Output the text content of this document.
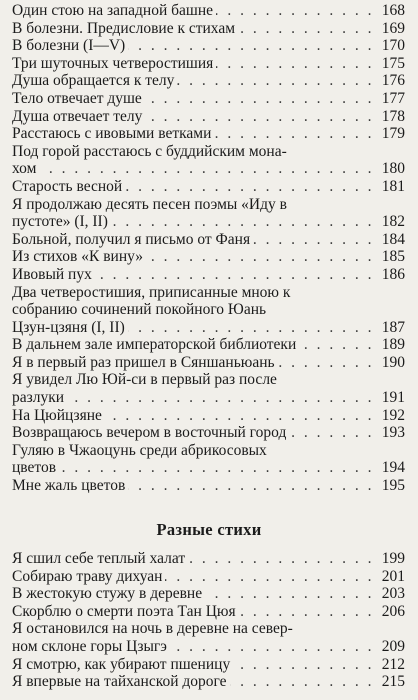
Один стою на западной башне . . .	168
В болезни. Предисловие к стихам . . .	169
В болезни (I—V) . . .	170
Три шуточных четверостишия . . .	175
Душа обращается к телу . . .	176
Тело отвечает душе . . .	177
Душа отвечает телу . . .	178
Расстаюсь с ивовыми ветками . . .	179
Под горой расстаюсь с буддийским мона-
хом . . .	180
Старость весной . . .	181
Я продолжаю десять песен поэмы «Иду в
пустоте» (I, II) . . .	182
Больной, получил я письмо от Фаня . . .	184
Из стихов «К вину» . . .	185
Ивовый пух . . .	186
Два четверостишия, приписанные мною к
собранию сочинений покойного Юань
Цзун-цзяня (I, II) . . .	187
В дальнем зале императорской библиотеки . . .	189
Я в первый раз пришел в Сяншаньюань . . .	190
Я увидел Лю Юй-си в первый раз после
разлуки . . .	191
На Цюйцзяне . . .	192
Возвращаюсь вечером в восточный город . . .	193
Гуляю в Чжаоцунь среди абрикосовых
цветов . . .	194
Мне жаль цветов . . .	195
Разные стихи
Я сшил себе теплый халат . . .	199
Собираю траву дихуан . . .	201
В жестокую стужу в деревне . . .	203
Скорблю о смерти поэта Тан Цюя . . .	206
Я остановился на ночь в деревне на север-
ном склоне горы Цзыгэ . . .	209
Я смотрю, как убирают пшеницу . . .	212
Я впервые на тайханской дороге . . .	215
